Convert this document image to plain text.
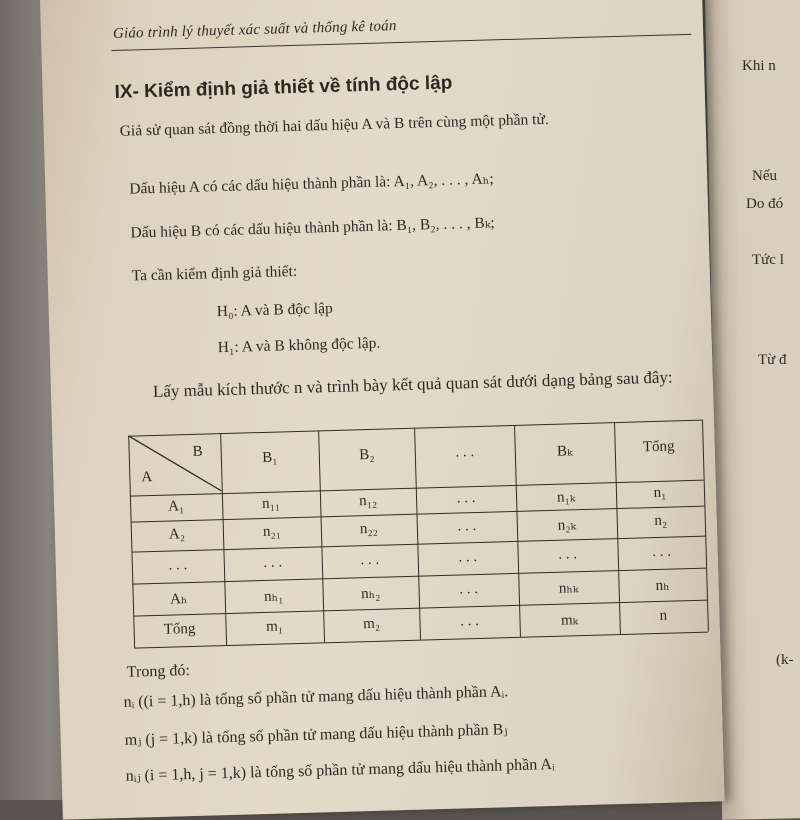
Giáo trình lý thuyết xác suất và thống kê toán
IX- Kiểm định giả thiết về tính độc lập
Giả sử quan sát đồng thời hai dấu hiệu A và B trên cùng một phần tử.
Dấu hiệu A có các dấu hiệu thành phần là: A₁, A₂, . . . , Aₕ;
Dấu hiệu B có các dấu hiệu thành phần là: B₁, B₂, . . . , Bₖ;
Ta cần kiểm định giả thiết:
H₀: A và B độc lập
H₁: A và B không độc lập.
Lấy mẫu kích thước n và trình bày kết quả quan sát dưới dạng bảng sau đây:
B
A
B₁	B₂	. . .	Bₖ	Tổng
A₁	n₁₁	n₁₂	. . .	n₁ₖ	n₁
A₂	n₂₁	n₂₂	. . .	n₂ₖ	n₂
. . .	. . .	. . .	. . .	. . .	. . .
Aₕ	nₕ₁	nₕ₂	. . .	nₕₖ	nₕ
Tổng	m₁	m₂	. . .	mₖ	n
Trong đó:
nᵢ ((i = 1,h) là tổng số phần tử mang dấu hiệu thành phần Aᵢ.
mⱼ (j = 1,k) là tổng số phần tử mang dấu hiệu thành phần Bⱼ
nᵢⱼ (i = 1,h, j = 1,k) là tổng số phần tử mang dấu hiệu thành phần Aᵢ
Khi n
Nếu
Do đó
Tức l
Từ đ
(k-
